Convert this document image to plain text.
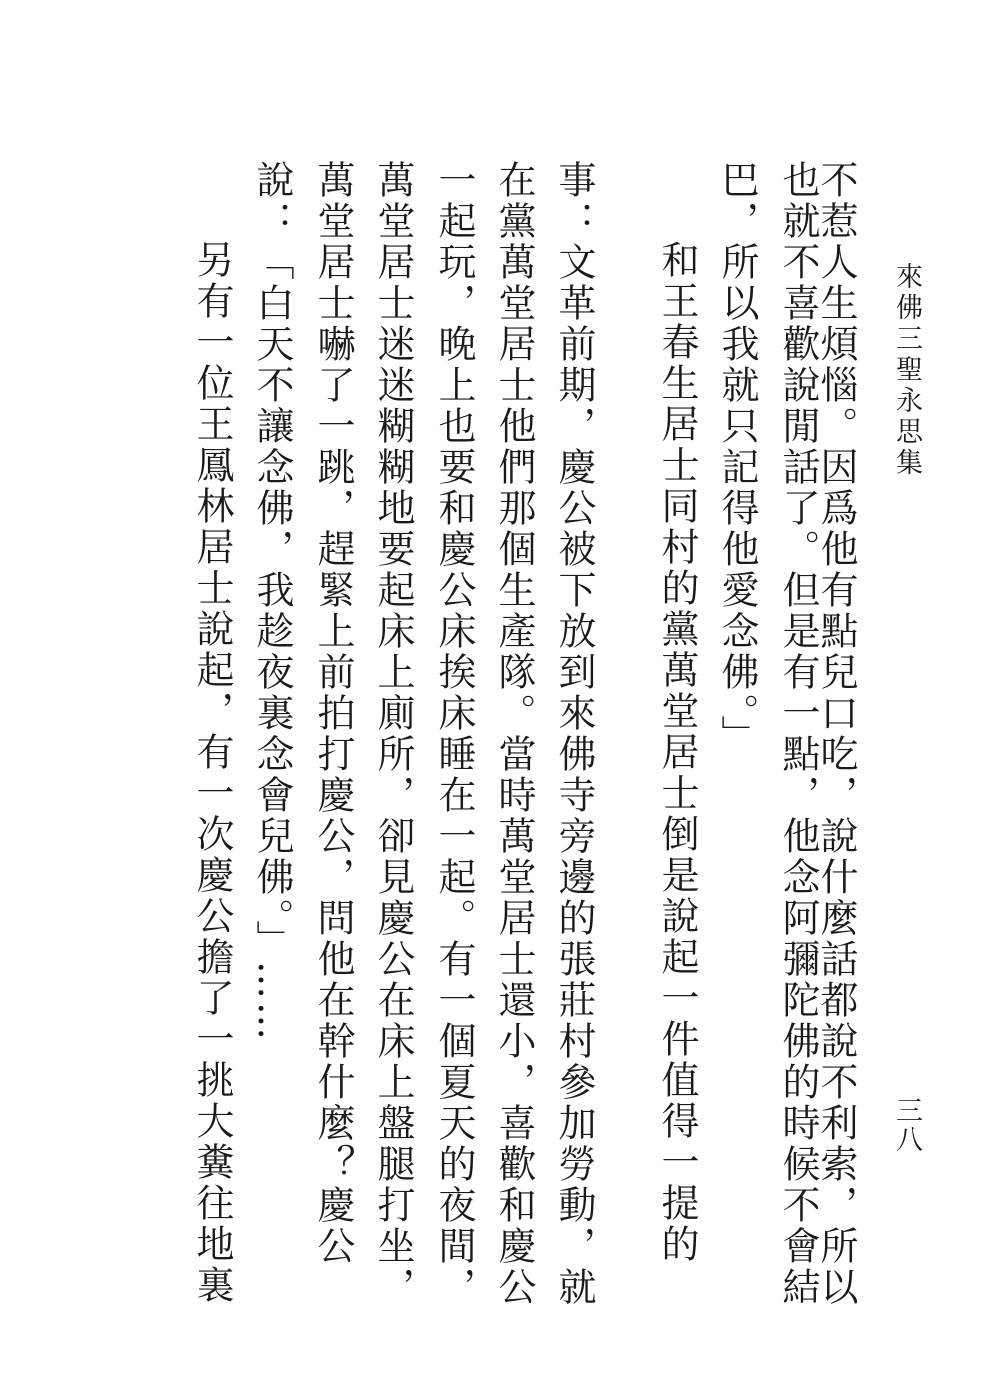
來佛三聖永思集
三八

不惹人生煩惱。因爲他有點兒口吃，說什麼話都說不利索，所以

也就不喜歡說閒話了。但是有一點，他念阿彌陀佛的時候不會結

巴，所以我就只記得他愛念佛。」

和王春生居士同村的黨萬堂居士倒是說起一件值得一提的

事：文革前期，慶公被下放到來佛寺旁邊的張莊村參加勞動，就

在黨萬堂居士他們那個生產隊。當時萬堂居士還小，喜歡和慶公

一起玩，晚上也要和慶公床挨床睡在一起。有一個夏天的夜間，

萬堂居士迷迷糊糊地要起床上廁所，卻見慶公在床上盤腿打坐，

萬堂居士嚇了一跳，趕緊上前拍打慶公，問他在幹什麼？慶公

說：「白天不讓念佛，我趁夜裏念會兒佛。」……

另有一位王鳳林居士說起，有一次慶公擔了一挑大糞往地裏
